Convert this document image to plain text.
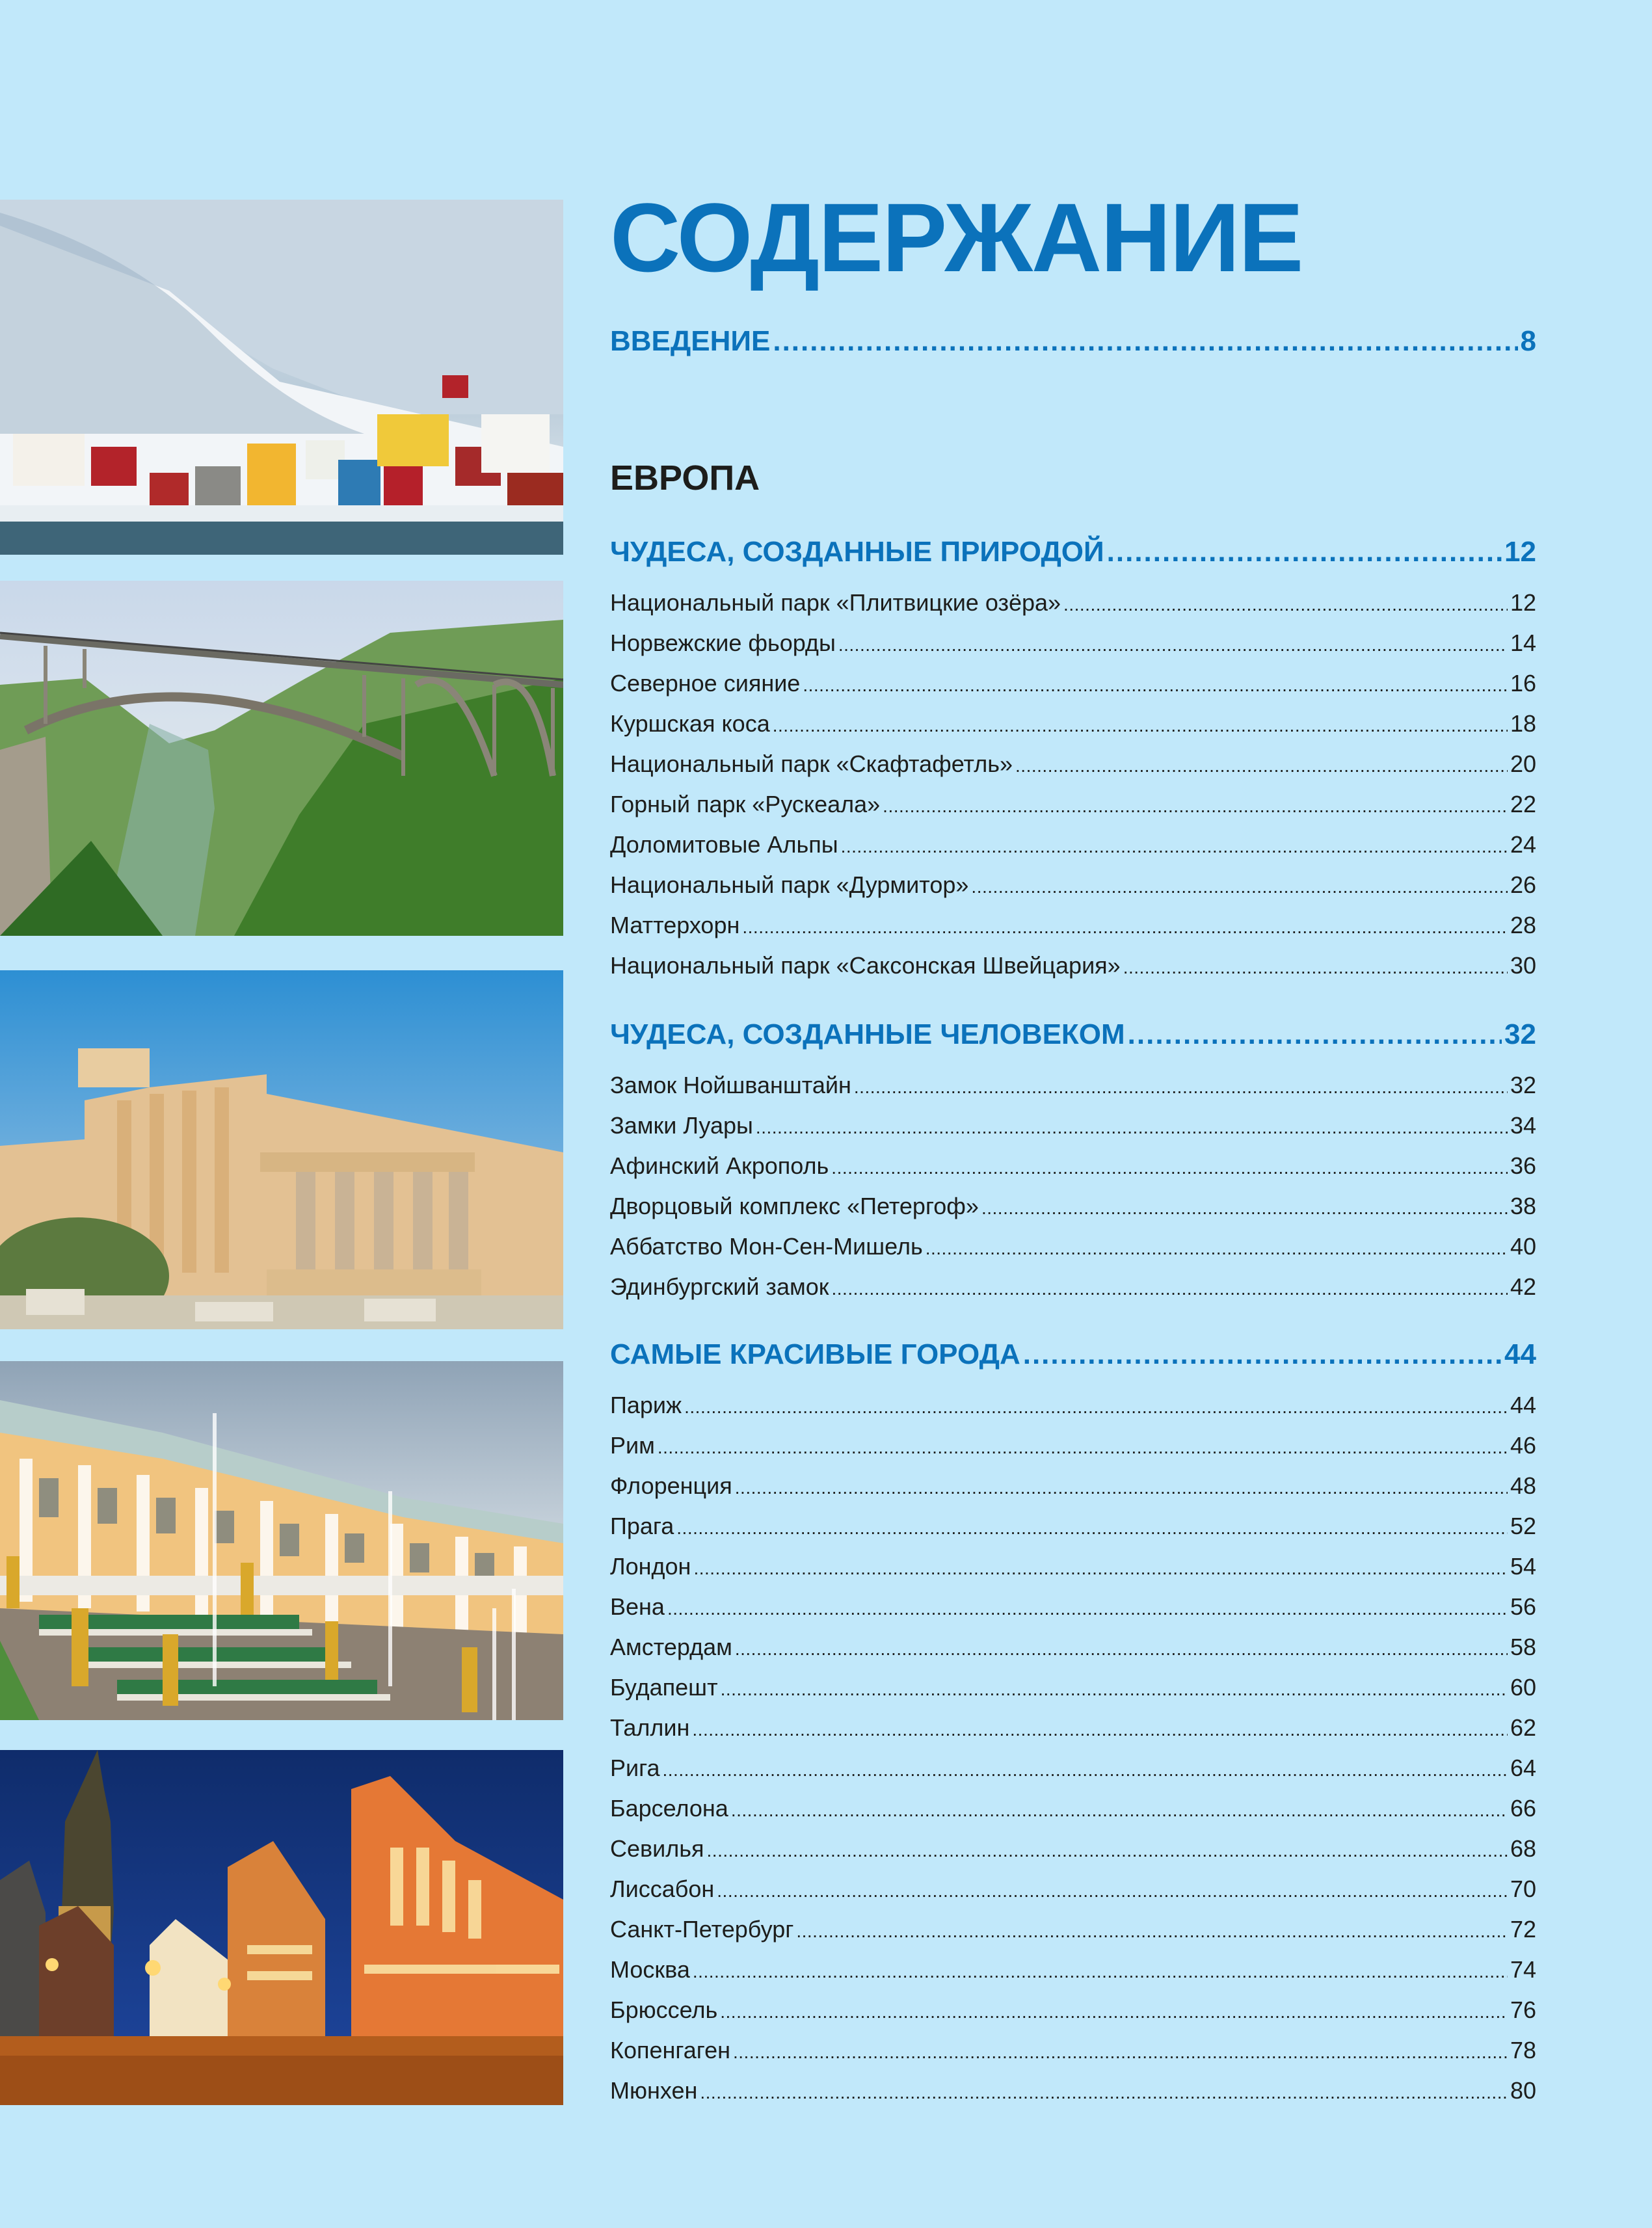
СОДЕРЖАНИЕ
ВВЕДЕНИЕ .....	8
ЕВРОПА
ЧУДЕСА, СОЗДАННЫЕ ПРИРОДОЙ .....	12
Национальный парк «Плитвицкие озёра» .....	12
Норвежские фьорды .....	14
Северное сияние .....	16
Куршская коса .....	18
Национальный парк «Скафтафетль» .....	20
Горный парк «Рускеала» .....	22
Доломитовые Альпы .....	24
Национальный парк «Дурмитор» .....	26
Маттерхорн .....	28
Национальный парк «Саксонская Швейцария» .....	30
ЧУДЕСА, СОЗДАННЫЕ ЧЕЛОВЕКОМ .....	32
Замок Нойшванштайн .....	32
Замки Луары .....	34
Афинский Акрополь .....	36
Дворцовый комплекс «Петергоф» .....	38
Аббатство Мон-Сен-Мишель .....	40
Эдинбургский замок .....	42
САМЫЕ КРАСИВЫЕ ГОРОДА .....	44
Париж .....	44
Рим .....	46
Флоренция .....	48
Прага .....	52
Лондон .....	54
Вена .....	56
Амстердам .....	58
Будапешт .....	60
Таллин .....	62
Рига .....	64
Барселона .....	66
Севилья .....	68
Лиссабон .....	70
Санкт-Петербург .....	72
Москва .....	74
Брюссель .....	76
Копенгаген .....	78
Мюнхен .....	80
